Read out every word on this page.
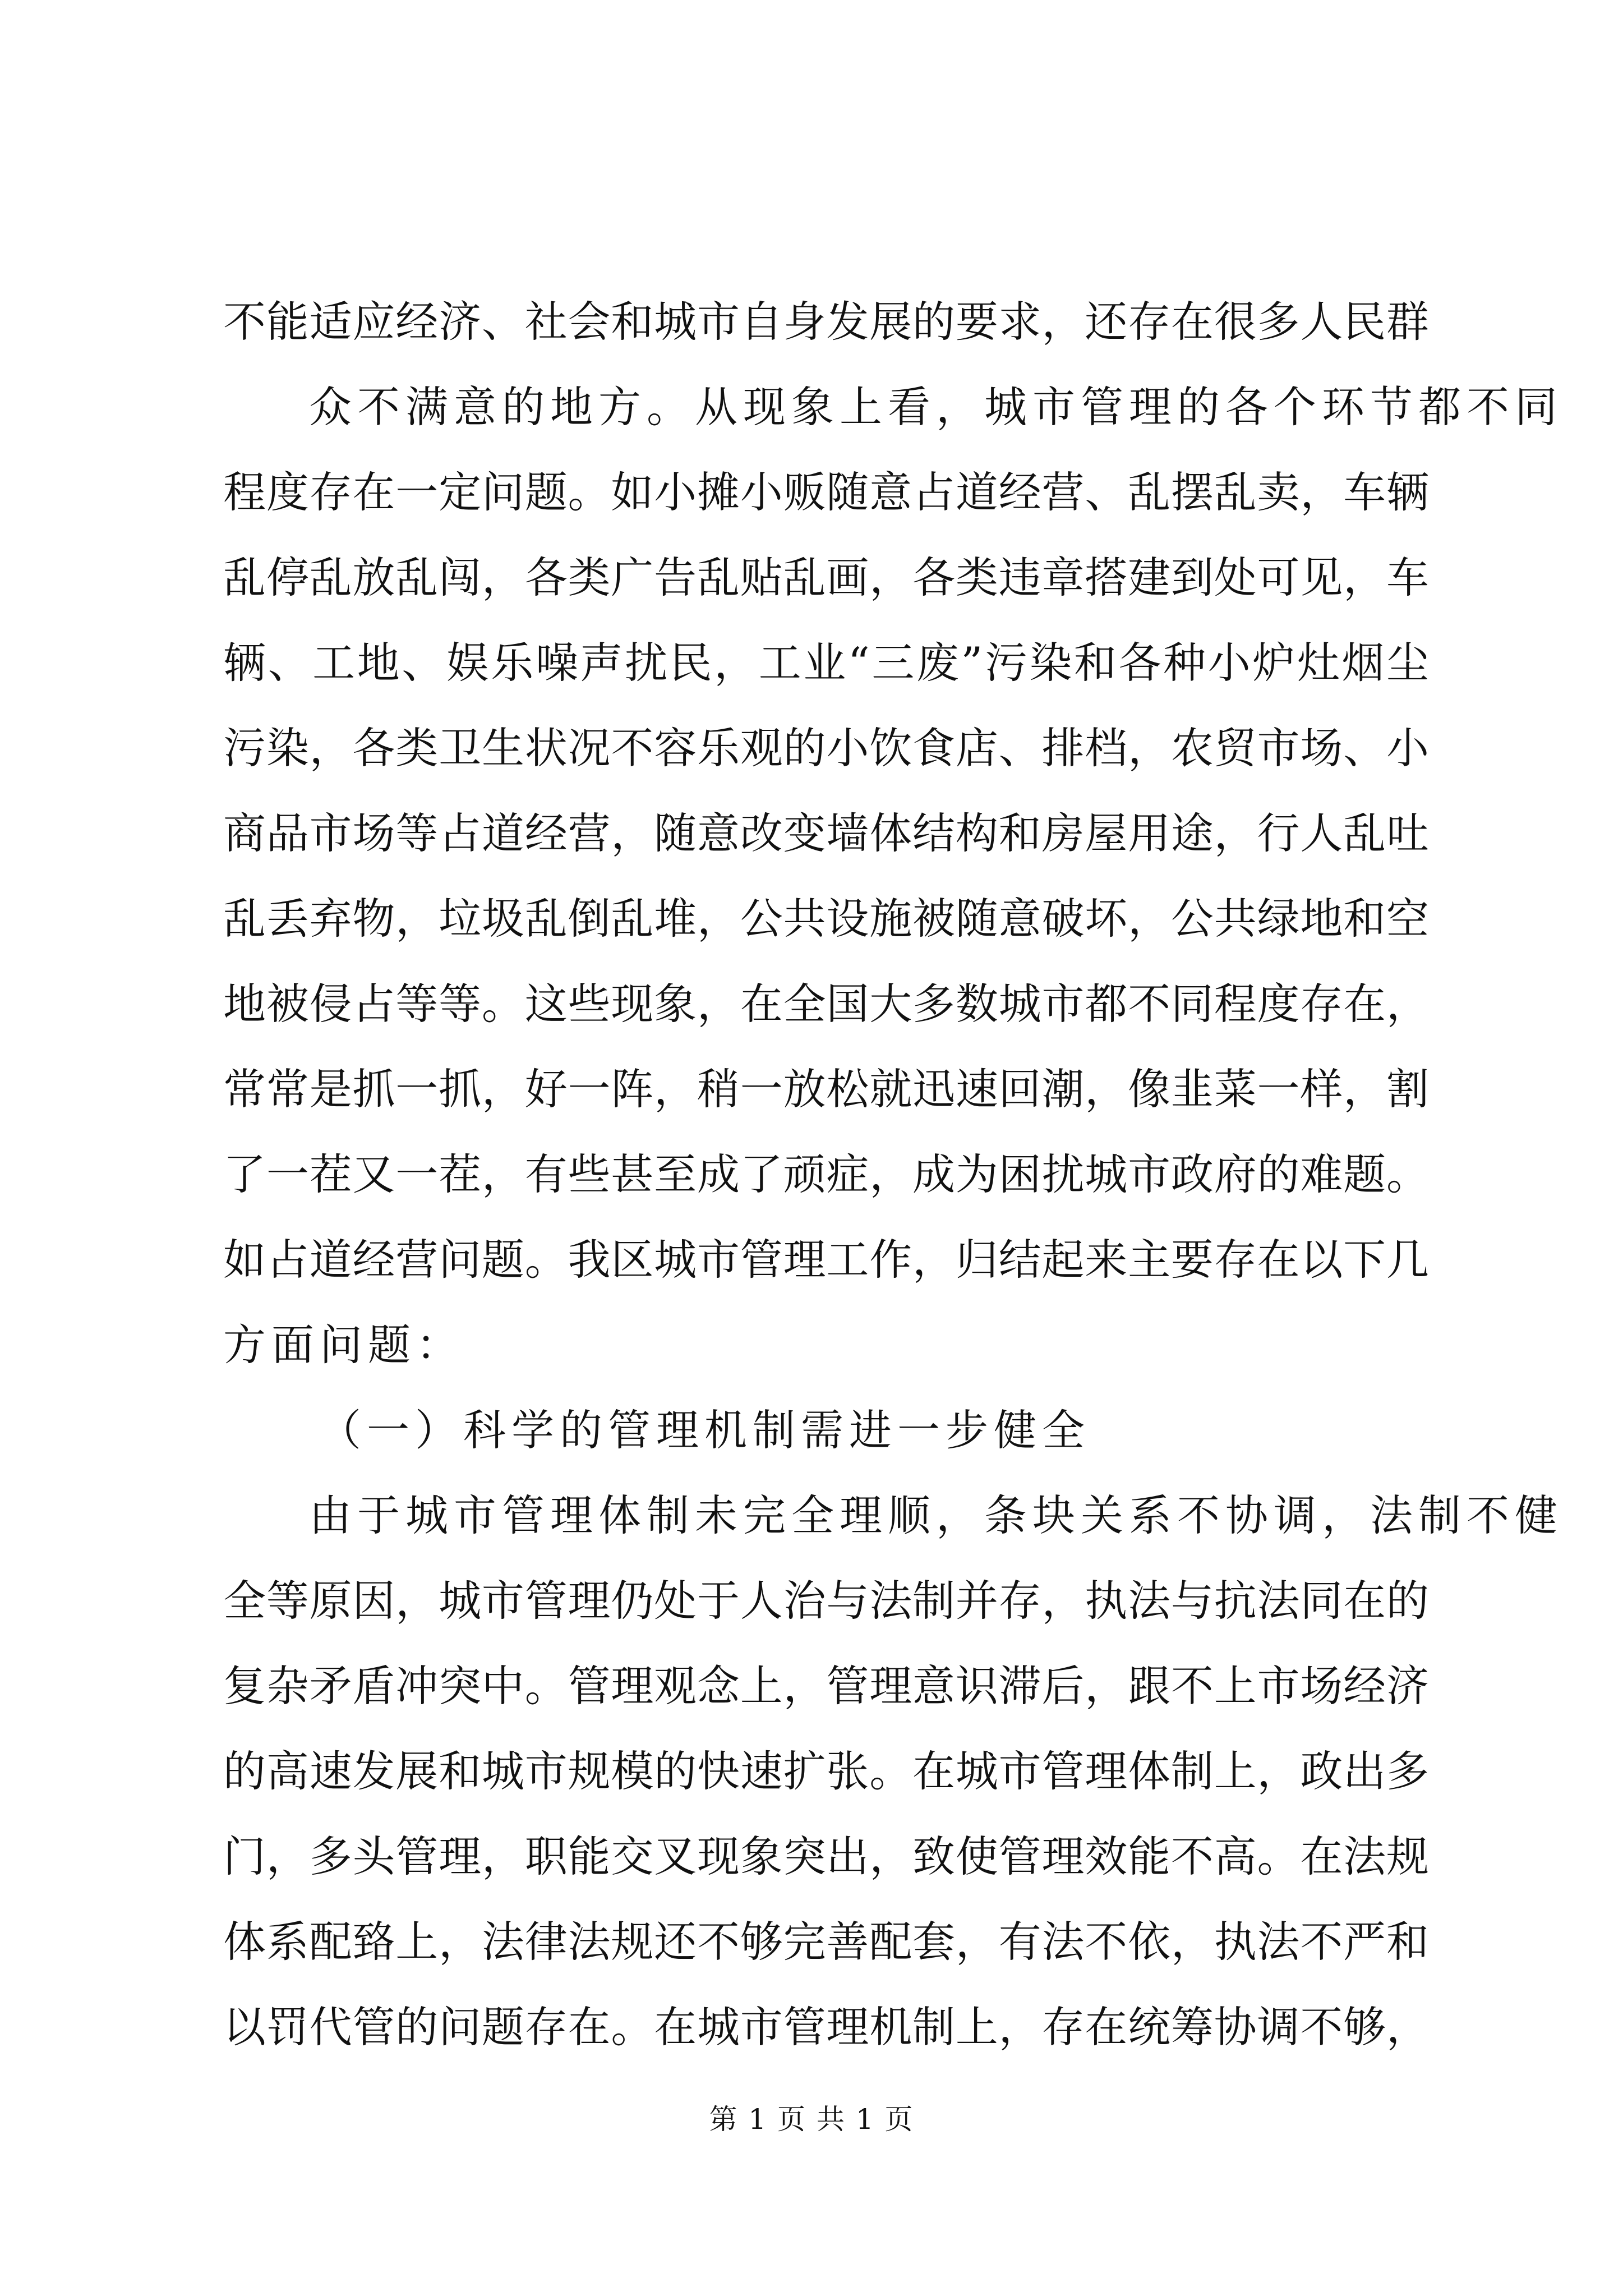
不能适应经济、社会和城市自身发展的要求，还存在很多人民群
众不满意的地方。从现象上看，城市管理的各个环节都不同
程度存在一定问题。如小摊小贩随意占道经营、乱摆乱卖，车辆
乱停乱放乱闯，各类广告乱贴乱画，各类违章搭建到处可见，车
辆、工地、娱乐噪声扰民，工业“三废”污染和各种小炉灶烟尘
污染，各类卫生状况不容乐观的小饮食店、排档，农贸市场、小
商品市场等占道经营，随意改变墙体结构和房屋用途，行人乱吐
乱丢弃物，垃圾乱倒乱堆，公共设施被随意破坏，公共绿地和空
地被侵占等等。这些现象，在全国大多数城市都不同程度存在，
常常是抓一抓，好一阵，稍一放松就迅速回潮，像韭菜一样，割
了一茬又一茬，有些甚至成了顽症，成为困扰城市政府的难题。
如占道经营问题。我区城市管理工作，归结起来主要存在以下几
方面问题：
（一）科学的管理机制需进一步健全
由于城市管理体制未完全理顺，条块关系不协调，法制不健
全等原因，城市管理仍处于人治与法制并存，执法与抗法同在的
复杂矛盾冲突中。管理观念上，管理意识滞后，跟不上市场经济
的高速发展和城市规模的快速扩张。在城市管理体制上，政出多
门，多头管理，职能交叉现象突出，致使管理效能不高。在法规
体系配臵上，法律法规还不够完善配套，有法不依，执法不严和
以罚代管的问题存在。在城市管理机制上，存在统筹协调不够，
第 1 页 共 1 页
